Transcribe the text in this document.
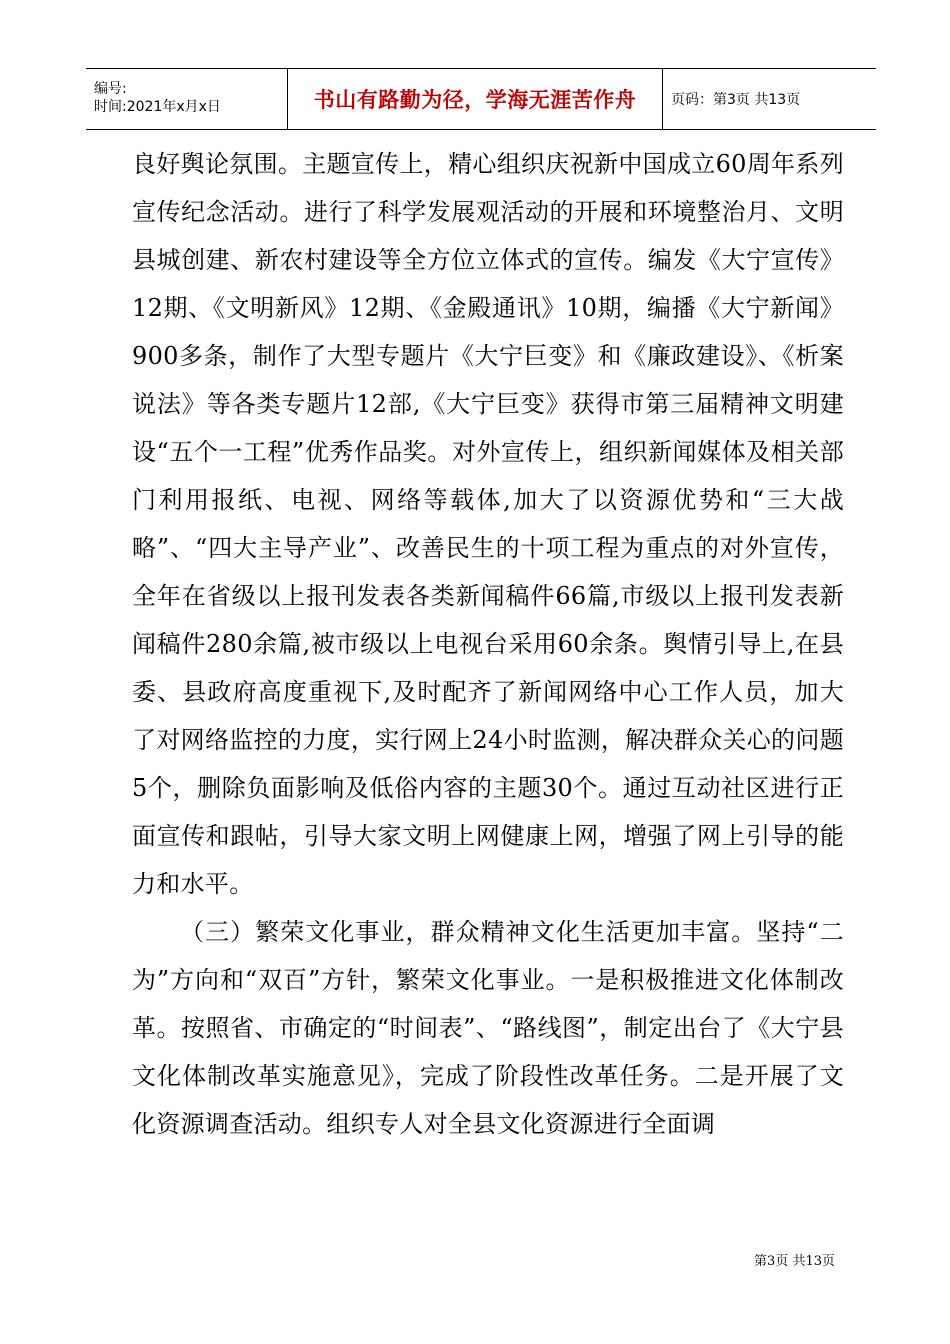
编号:
时间:2021年x月x日	书山有路勤为径，学海无涯苦作舟	页码：第3页 共13页

良好舆论氛围。主题宣传上，精心组织庆祝新中国成立60周年系列宣传纪念活动。进行了科学发展观活动的开展和环境整治月、文明县城创建、新农村建设等全方位立体式的宣传。编发《大宁宣传》12期、《文明新风》12期、《金殿通讯》10期，编播《大宁新闻》900多条，制作了大型专题片《大宁巨变》和《廉政建设》、《析案说法》等各类专题片12部,《大宁巨变》获得市第三届精神文明建设“五个一工程”优秀作品奖。对外宣传上，组织新闻媒体及相关部门利用报纸、电视、网络等载体,加大了以资源优势和“三大战略”、“四大主导产业”、改善民生的十项工程为重点的对外宣传，全年在省级以上报刊发表各类新闻稿件66篇,市级以上报刊发表新闻稿件280余篇,被市级以上电视台采用60余条。舆情引导上,在县委、县政府高度重视下,及时配齐了新闻网络中心工作人员，加大了对网络监控的力度，实行网上24小时监测，解决群众关心的问题5个，删除负面影响及低俗内容的主题30个。通过互动社区进行正面宣传和跟帖，引导大家文明上网健康上网，增强了网上引导的能力和水平。

（三）繁荣文化事业，群众精神文化生活更加丰富。坚持“二为”方向和“双百”方针，繁荣文化事业。一是积极推进文化体制改革。按照省、市确定的“时间表”、“路线图”，制定出台了《大宁县文化体制改革实施意见》，完成了阶段性改革任务。二是开展了文化资源调查活动。组织专人对全县文化资源进行全面调

第3页 共13页
